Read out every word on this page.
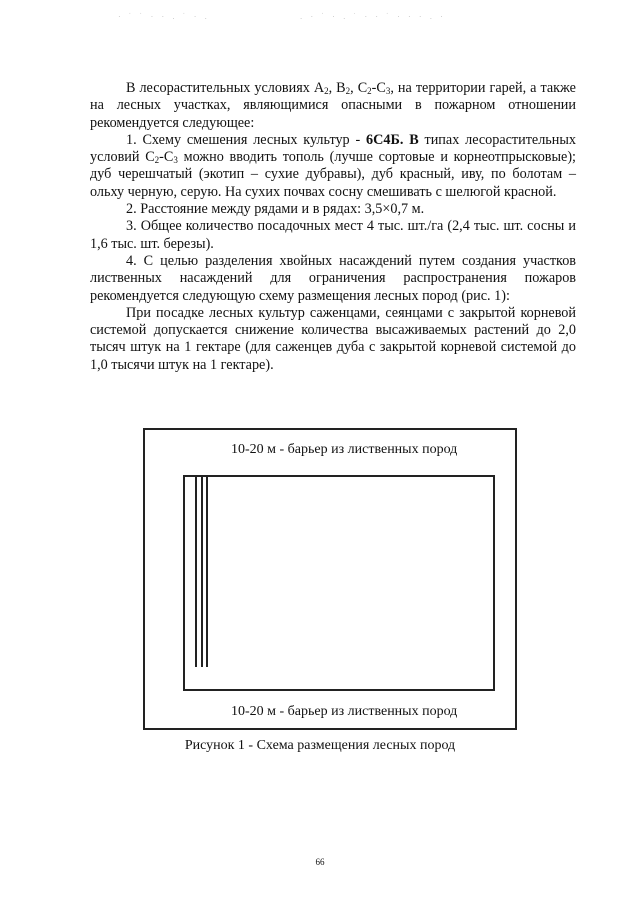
· ˙ ˙ · · . ˙ · .	. · ˙ · . ˙ · · ˙ · · · . ·

В лесорастительных условиях $А_2$, $В_2$, $С_2-С_3$, на территории гарей, а также на лесных участках, являющимися опасными в пожарном отношении рекомендуется следующее:

1. Схему смешения лесных культур - 6С4Б. В типах лесорастительных условий $С_2-С_3$ можно вводить тополь (лучше сортовые и корнеотпрысковые); дуб черешчатый (экотип – сухие дубравы), дуб красный, иву, по болотам – ольху черную, серую. На сухих почвах сосну смешивать с шелюгой красной.

2. Расстояние между рядами и в рядах: 3,5×0,7 м.

3. Общее количество посадочных мест 4 тыс. шт./га (2,4 тыс. шт. сосны и 1,6 тыс. шт. березы).

4. С целью разделения хвойных насаждений путем создания участков лиственных насаждений для ограничения распространения пожаров рекомендуется следующую схему размещения лесных пород (рис. 1):

При посадке лесных культур саженцами, сеянцами с закрытой корневой системой допускается снижение количества высаживаемых растений до 2,0 тысяч штук на 1 гектаре (для саженцев дуба с закрытой корневой системой до 1,0 тысячи штук на 1 гектаре).

10-20 м - барьер из лиственных пород
10-20 м - барьер из лиственных пород
Рисунок 1 - Схема размещения лесных пород
66
